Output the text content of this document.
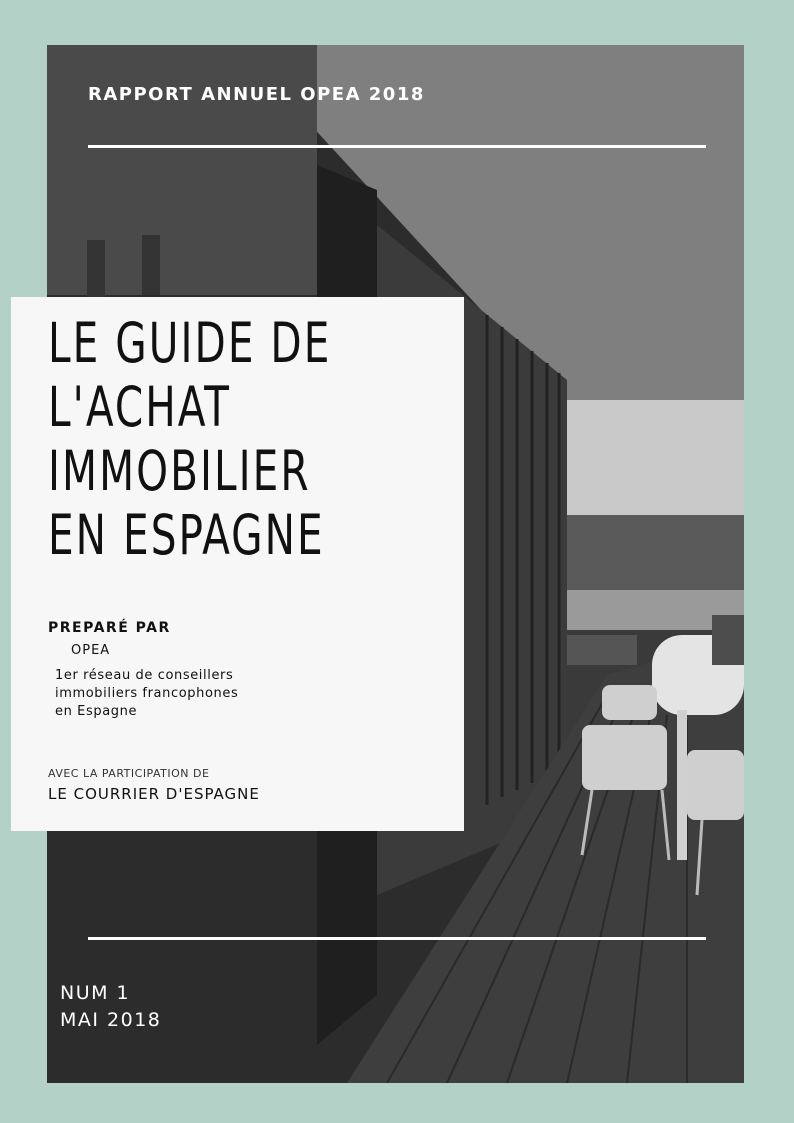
RAPPORT ANNUEL OPEA 2018
LE GUIDE DE
L'ACHAT
IMMOBILIER
EN ESPAGNE
PREPARÉ PAR
OPEA
1er réseau de conseillers
immobiliers francophones
en Espagne
AVEC LA PARTICIPATION DE
LE COURRIER D'ESPAGNE
NUM 1
MAI 2018
